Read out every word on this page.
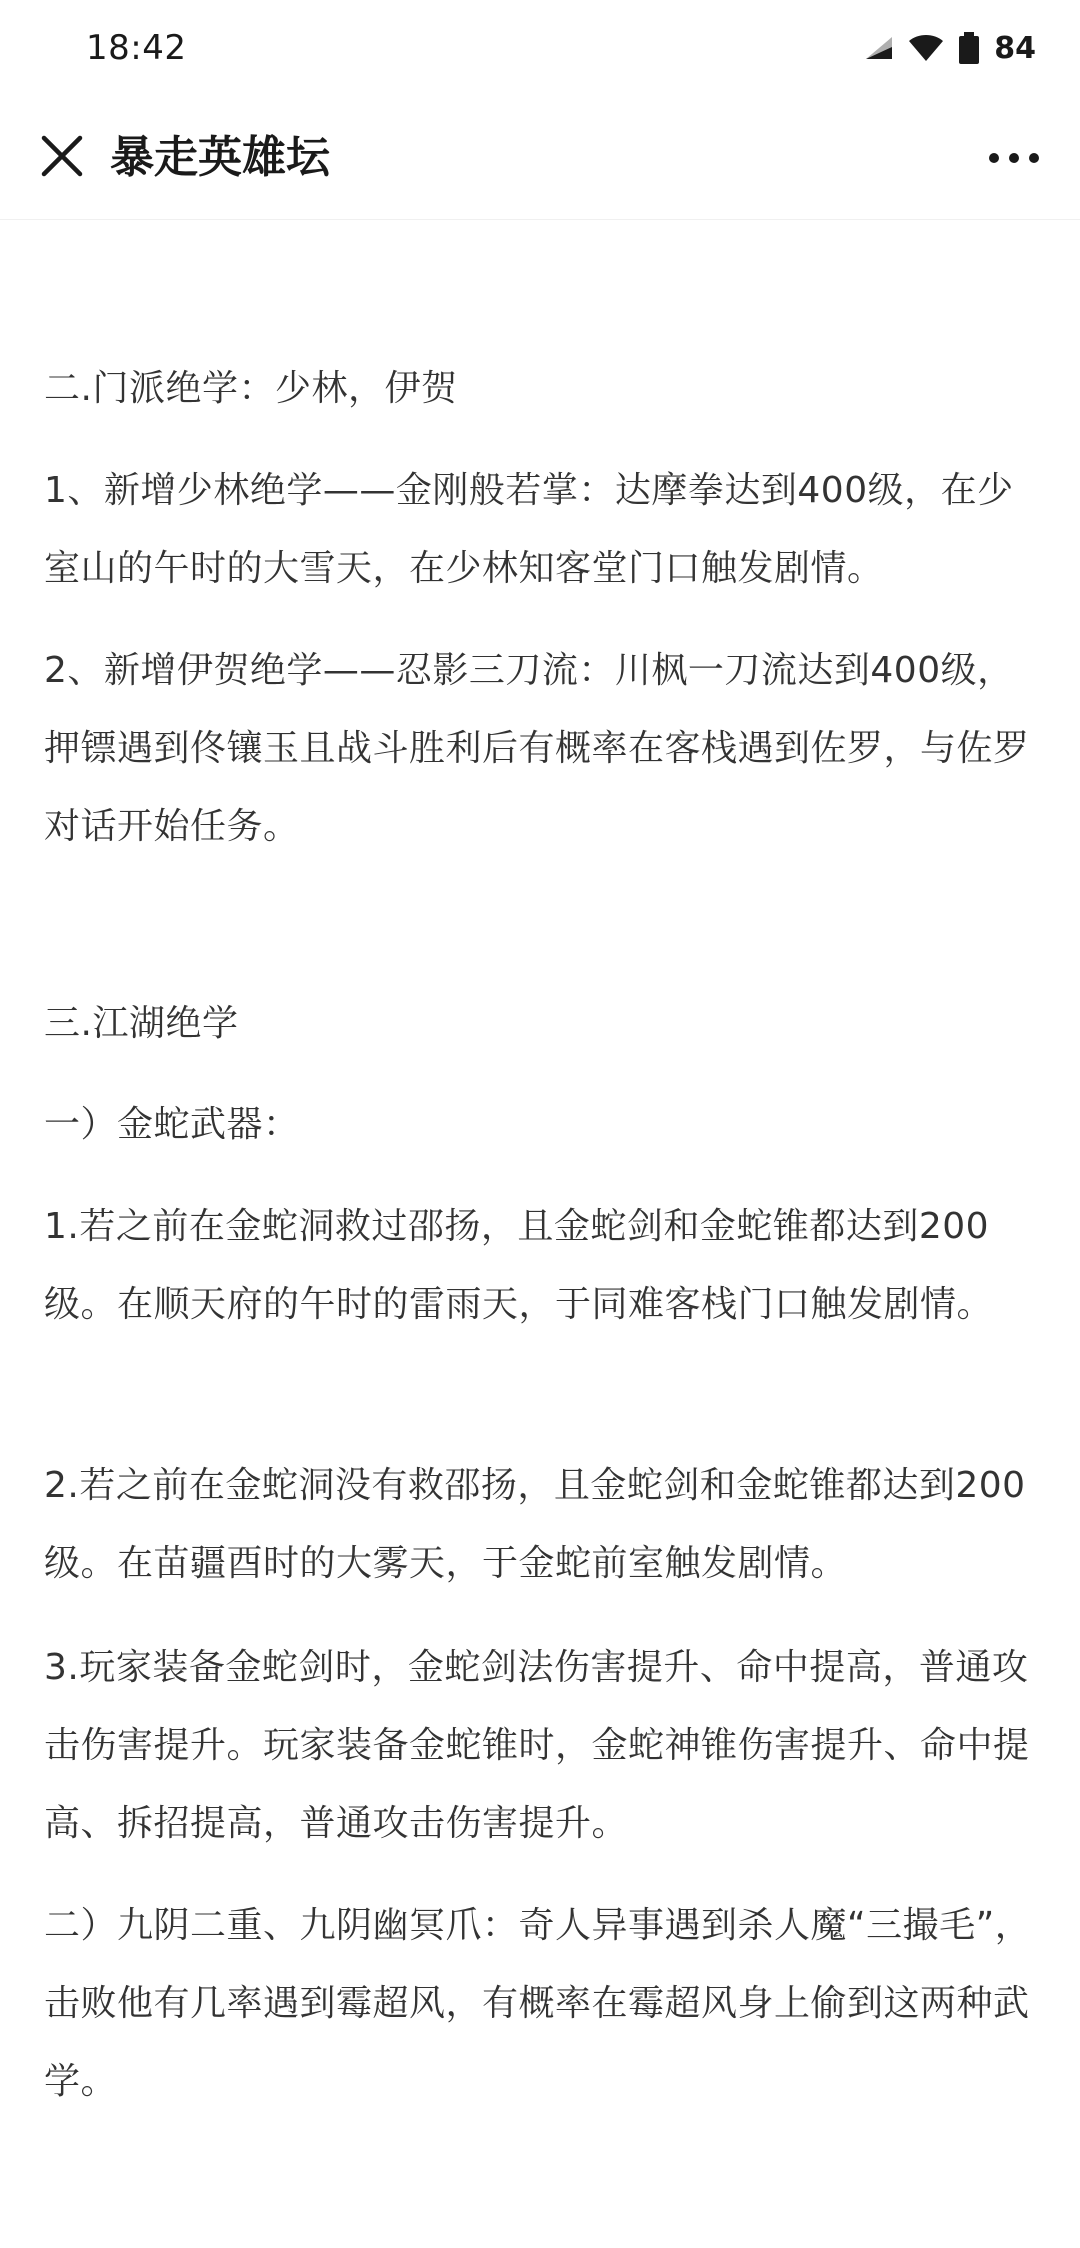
18:42	84
暴走英雄坛

二.门派绝学：少林，伊贺

1、新增少林绝学——金刚般若掌：达摩拳达到400级，在少室山的午时的大雪天，在少林知客堂门口触发剧情。

2、新增伊贺绝学——忍影三刀流：川枫一刀流达到400级，押镖遇到佟镶玉且战斗胜利后有概率在客栈遇到佐罗，与佐罗对话开始任务。

三.江湖绝学

一）金蛇武器：

1.若之前在金蛇洞救过邵扬，且金蛇剑和金蛇锥都达到200级。在顺天府的午时的雷雨天，于同难客栈门口触发剧情。

2.若之前在金蛇洞没有救邵扬，且金蛇剑和金蛇锥都达到200级。在苗疆酉时的大雾天，于金蛇前室触发剧情。

3.玩家装备金蛇剑时，金蛇剑法伤害提升、命中提高，普通攻击伤害提升。玩家装备金蛇锥时，金蛇神锥伤害提升、命中提高、拆招提高，普通攻击伤害提升。

二）九阴二重、九阴幽冥爪：奇人异事遇到杀人魔“三撮毛”，击败他有几率遇到霉超风，有概率在霉超风身上偷到这两种武学。
